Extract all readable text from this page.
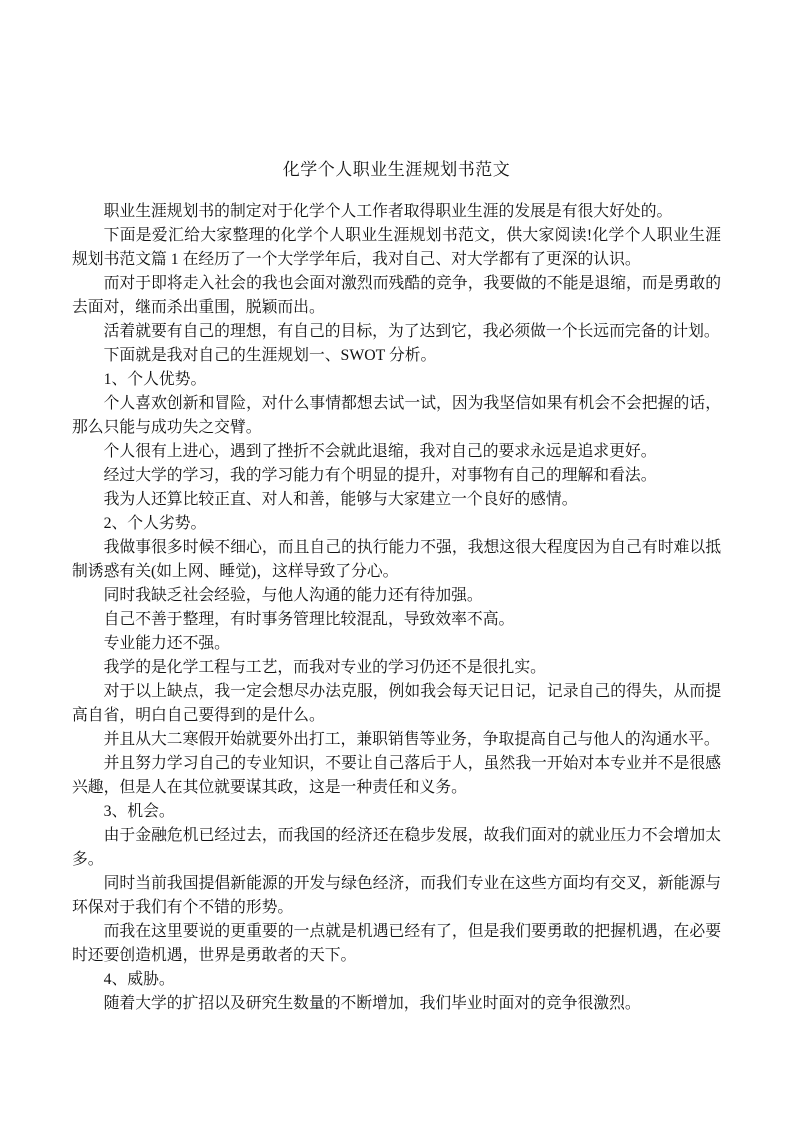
化学个人职业生涯规划书范文

职业生涯规划书的制定对于化学个人工作者取得职业生涯的发展是有很大好处的。

下面是爱汇给大家整理的化学个人职业生涯规划书范文，供大家阅读!化学个人职业生涯规划书范文篇 1 在经历了一个大学学年后，我对自己、对大学都有了更深的认识。

而对于即将走入社会的我也会面对激烈而残酷的竞争，我要做的不能是退缩，而是勇敢的去面对，继而杀出重围，脱颖而出。

活着就要有自己的理想，有自己的目标，为了达到它，我必须做一个长远而完备的计划。

下面就是我对自己的生涯规划一、SWOT 分析。

1、个人优势。

个人喜欢创新和冒险，对什么事情都想去试一试，因为我坚信如果有机会不会把握的话，那么只能与成功失之交臂。

个人很有上进心，遇到了挫折不会就此退缩，我对自己的要求永远是追求更好。

经过大学的学习，我的学习能力有个明显的提升，对事物有自己的理解和看法。

我为人还算比较正直、对人和善，能够与大家建立一个良好的感情。

2、个人劣势。

我做事很多时候不细心，而且自己的执行能力不强，我想这很大程度因为自己有时难以抵制诱惑有关(如上网、睡觉)，这样导致了分心。

同时我缺乏社会经验，与他人沟通的能力还有待加强。

自己不善于整理，有时事务管理比较混乱，导致效率不高。

专业能力还不强。

我学的是化学工程与工艺，而我对专业的学习仍还不是很扎实。

对于以上缺点，我一定会想尽办法克服，例如我会每天记日记，记录自己的得失，从而提高自省，明白自己要得到的是什么。

并且从大二寒假开始就要外出打工，兼职销售等业务，争取提高自己与他人的沟通水平。

并且努力学习自己的专业知识，不要让自己落后于人，虽然我一开始对本专业并不是很感兴趣，但是人在其位就要谋其政，这是一种责任和义务。

3、机会。

由于金融危机已经过去，而我国的经济还在稳步发展，故我们面对的就业压力不会增加太多。

同时当前我国提倡新能源的开发与绿色经济，而我们专业在这些方面均有交叉，新能源与环保对于我们有个不错的形势。

而我在这里要说的更重要的一点就是机遇已经有了，但是我们要勇敢的把握机遇，在必要时还要创造机遇，世界是勇敢者的天下。

4、威胁。

随着大学的扩招以及研究生数量的不断增加，我们毕业时面对的竞争很激烈。
